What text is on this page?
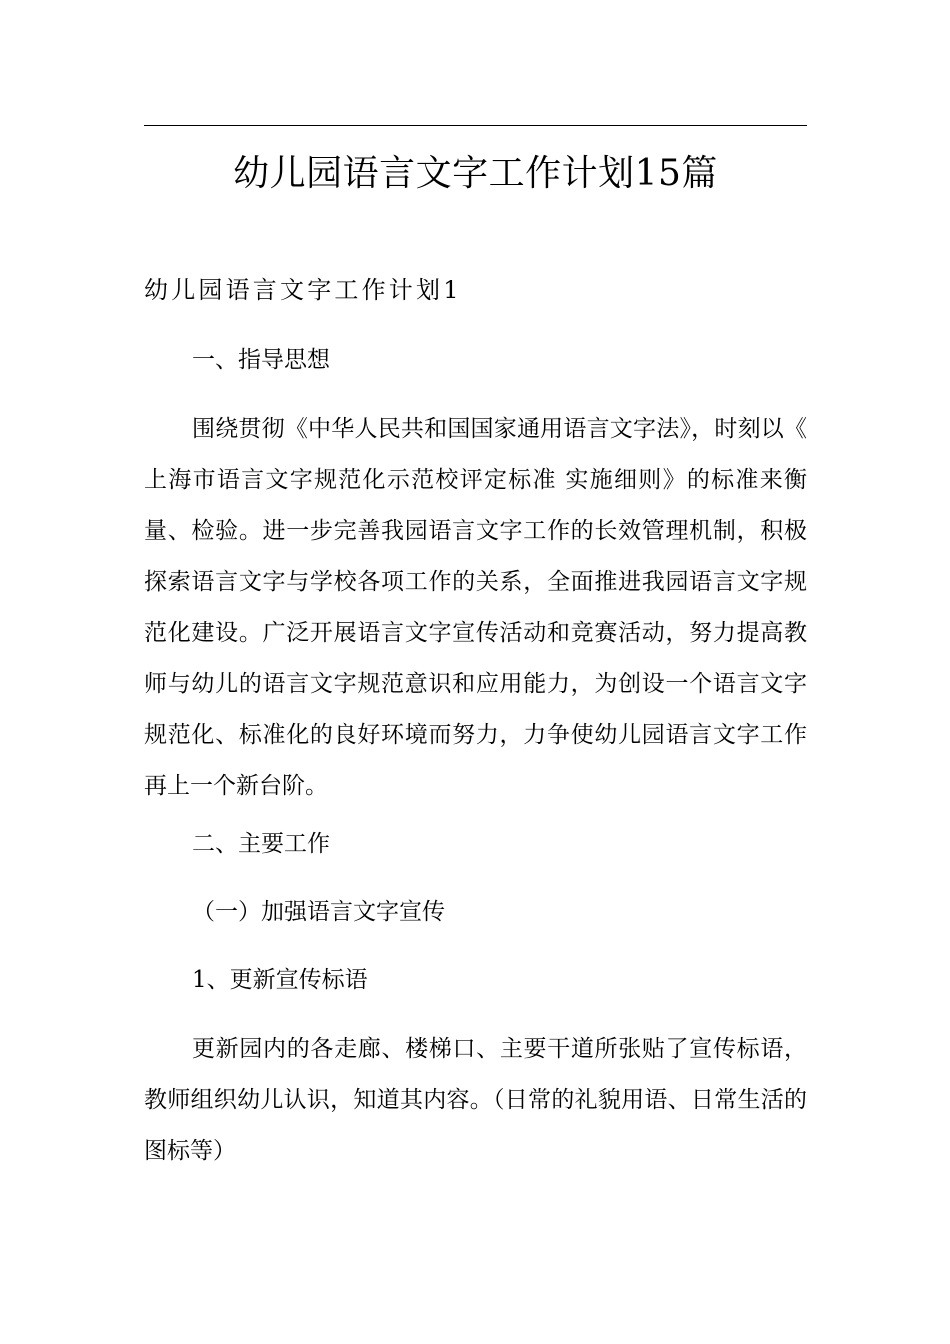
幼儿园语言文字工作计划15篇
幼儿园语言文字工作计划1
一、指导思想

围绕贯彻《中华人民共和国国家通用语言文字法》，时刻以《 上海市语言文字规范化示范校评定标准 实施细则》的标准来衡量、检验。进一步完善我园语言文字工作的长效管理机制，积极探索语言文字与学校各项工作的关系，全面推进我园语言文字规范化建设。广泛开展语言文字宣传活动和竞赛活动，努力提高教师与幼儿的语言文字规范意识和应用能力，为创设一个语言文字规范化、标准化的良好环境而努力，力争使幼儿园语言文字工作再上一个新台阶。

二、主要工作
（一）加强语言文字宣传
1、更新宣传标语

更新园内的各走廊、楼梯口、主要干道所张贴了宣传标语，教师组织幼儿认识，知道其内容。（日常的礼貌用语、日常生活的图标等）
